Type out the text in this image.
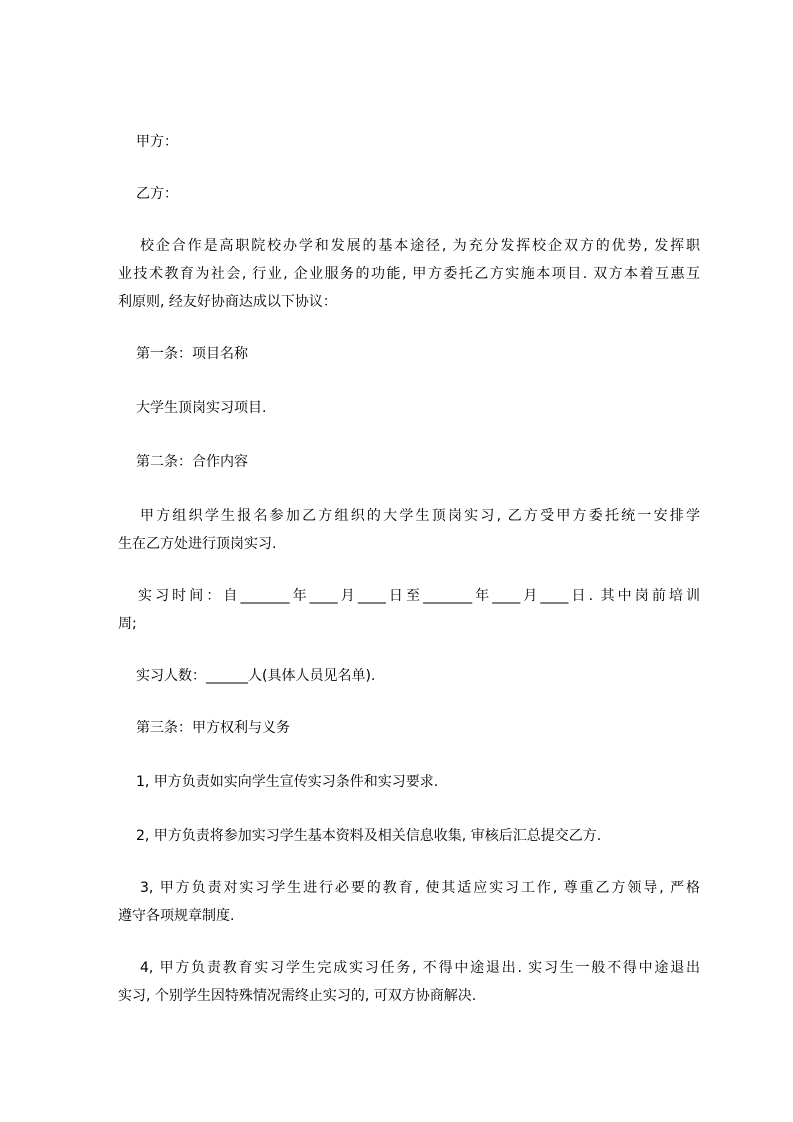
甲方：
乙方：
校企合作是高职院校办学和发展的基本途径, 为充分发挥校企双方的优势, 发挥职
业技术教育为社会, 行业, 企业服务的功能, 甲方委托乙方实施本项目. 双方本着互惠互
利原则, 经友好协商达成以下协议：
第一条：项目名称
大学生顶岗实习项目.
第二条：合作内容
甲方组织学生报名参加乙方组织的大学生顶岗实习, 乙方受甲方委托统一安排学
生在乙方处进行顶岗实习.
实习时间：自_______年____月____日至_______年____月____日. 其中岗前培训
周;
实习人数：______人(具体人员见名单).
第三条：甲方权利与义务
1, 甲方负责如实向学生宣传实习条件和实习要求.
2, 甲方负责将参加实习学生基本资料及相关信息收集, 审核后汇总提交乙方.
3, 甲方负责对实习学生进行必要的教育, 使其适应实习工作, 尊重乙方领导, 严格
遵守各项规章制度.
4, 甲方负责教育实习学生完成实习任务, 不得中途退出. 实习生一般不得中途退出
实习, 个别学生因特殊情况需终止实习的, 可双方协商解决.
